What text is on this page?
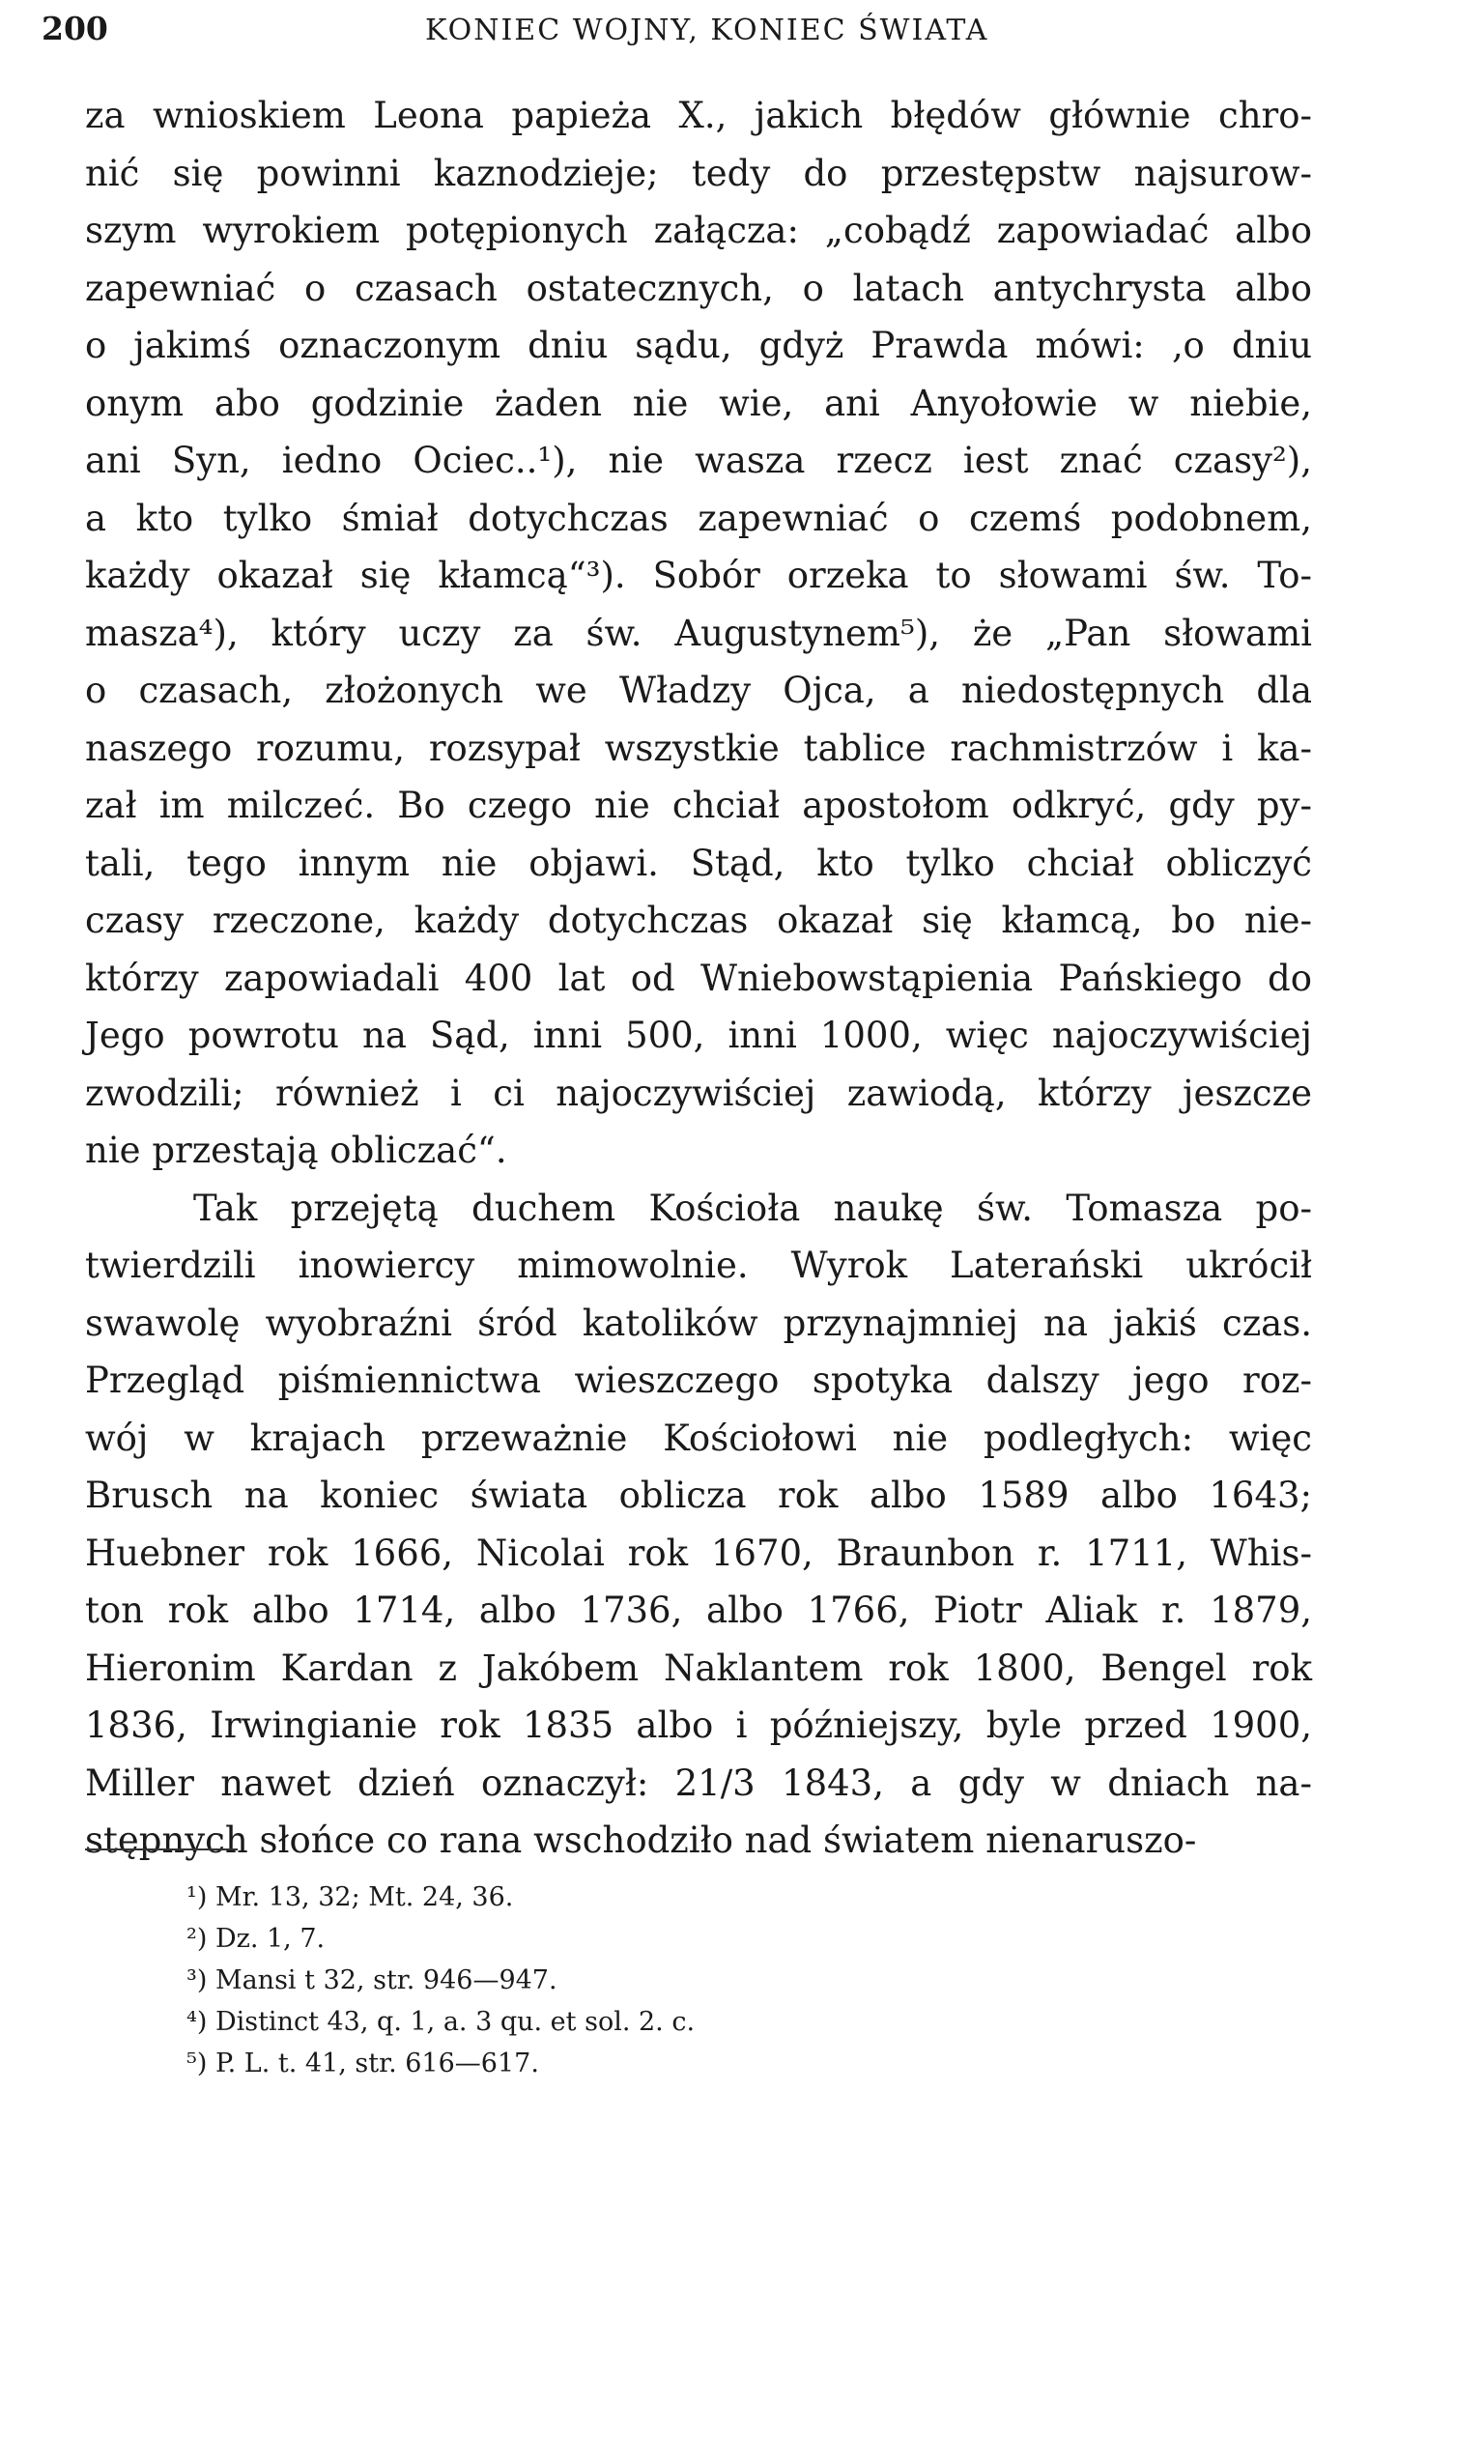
200	KONIEC WOJNY, KONIEC ŚWIATA
za wnioskiem Leona papieża X., jakich błędów głównie chro-
nić się powinni kaznodzieje; tedy do przestępstw najsurow-
szym wyrokiem potępionych załącza: „cobądź zapowiadać albo
zapewniać o czasach ostatecznych, o latach antychrysta albo
o jakimś oznaczonym dniu sądu, gdyż Prawda mówi: ‚o dniu
onym abo godzinie żaden nie wie, ani Anyołowie w niebie,
ani Syn, iedno Ociec..¹), nie wasza rzecz iest znać czasy²),
a kto tylko śmiał dotychczas zapewniać o czemś podobnem,
każdy okazał się kłamcą“³). Sobór orzeka to słowami św. To-
masza⁴), który uczy za św. Augustynem⁵), że „Pan słowami
o czasach, złożonych we Władzy Ojca, a niedostępnych dla
naszego rozumu, rozsypał wszystkie tablice rachmistrzów i ka-
zał im milczeć. Bo czego nie chciał apostołom odkryć, gdy py-
tali, tego innym nie objawi. Stąd, kto tylko chciał obliczyć
czasy rzeczone, każdy dotychczas okazał się kłamcą, bo nie-
którzy zapowiadali 400 lat od Wniebowstąpienia Pańskiego do
Jego powrotu na Sąd, inni 500, inni 1000, więc najoczywiściej
zwodzili; również i ci najoczywiściej zawiodą, którzy jeszcze
nie przestają obliczać“.
Tak przejętą duchem Kościoła naukę św. Tomasza po-
twierdzili inowiercy mimowolnie. Wyrok Laterański ukrócił
swawolę wyobraźni śród katolików przynajmniej na jakiś czas.
Przegląd piśmiennictwa wieszczego spotyka dalszy jego roz-
wój w krajach przeważnie Kościołowi nie podległych: więc
Brusch na koniec świata oblicza rok albo 1589 albo 1643;
Huebner rok 1666, Nicolai rok 1670, Braunbon r. 1711, Whis-
ton rok albo 1714, albo 1736, albo 1766, Piotr Aliak r. 1879,
Hieronim Kardan z Jakóbem Naklantem rok 1800, Bengel rok
1836, Irwingianie rok 1835 albo i późniejszy, byle przed 1900,
Miller nawet dzień oznaczył: 21/3 1843, a gdy w dniach na-
stępnych słońce co rana wschodziło nad światem nienaruszo-
¹) Mr. 13, 32; Mt. 24, 36.
²) Dz. 1, 7.
³) Mansi t 32, str. 946—947.
⁴) Distinct 43, q. 1, a. 3 qu. et sol. 2. c.
⁵) P. L. t. 41, str. 616—617.
